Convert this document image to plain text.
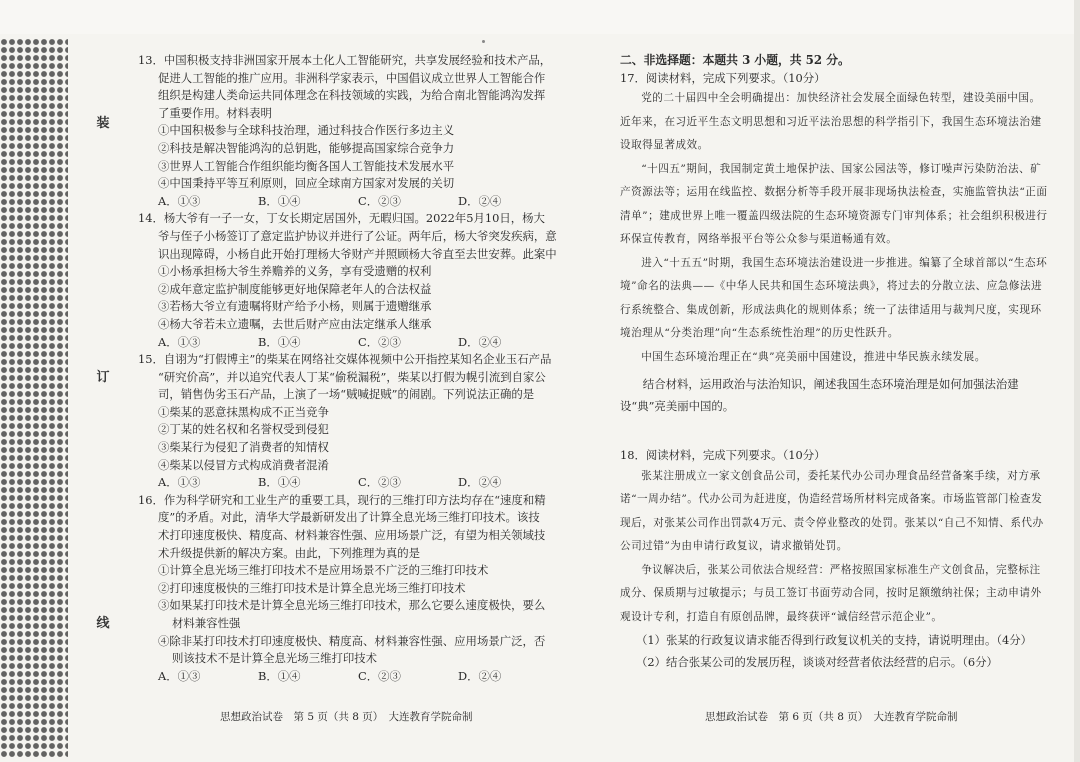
装
订
线
13．中国积极支持非洲国家开展本土化人工智能研究，共享发展经验和技术产品，
促进人工智能的推广应用。非洲科学家表示，中国倡议成立世界人工智能合作
组织是构建人类命运共同体理念在科技领域的实践，为给合南北智能鸿沟发挥
了重要作用。材料表明
①中国积极参与全球科技治理，通过科技合作医行多边主义
②科技是解决智能鸿沟的总钥匙，能够提高国家综合竞争力
③世界人工智能合作组织能均衡各国人工智能技术发展水平
④中国秉持平等互利原则，回应全球南方国家对发展的关切
A．①③	B．①④	C．②③	D．②④
14．杨大爷有一子一女，丁女长期定居国外，无暇归国。2022年5月10日，杨大
爷与侄子小杨签订了意定监护协议并进行了公证。两年后，杨大爷突发疾病，意
识出现障碍，小杨自此开始打理杨大爷财产并照顾杨大爷直至去世安葬。此案中
①小杨承担杨大爷生养赡养的义务，享有受遗赠的权利
②成年意定监护制度能够更好地保障老年人的合法权益
③若杨大爷立有遗嘱将财产给予小杨，则属于遗赠继承
④杨大爷若未立遗嘱，去世后财产应由法定继承人继承
A．①③	B．①④	C．②③	D．②④
15．自诩为“打假博主”的柴某在网络社交媒体视频中公开指控某知名企业玉石产品
“研究价高”，并以追究代表人丁某“偷税漏税”，柴某以打假为幌引流到自家公
司，销售伪劣玉石产品，上演了一场“贼喊捉贼”的闹剧。下列说法正确的是
①柴某的恶意抹黑构成不正当竞争
②丁某的姓名权和名誉权受到侵犯
③柴某行为侵犯了消费者的知情权
④柴某以侵冒方式构成消费者混淆
A．①③	B．①④	C．②③	D．②④
16．作为科学研究和工业生产的重要工具，现行的三维打印方法均存在“速度和精
度”的矛盾。对此，清华大学最新研发出了计算全息光场三维打印技术。该技
术打印速度极快、精度高、材料兼容性强、应用场景广泛，有望为相关领域技
术升级提供新的解决方案。由此，下列推理为真的是
①计算全息光场三维打印技术不是应用场景不广泛的三维打印技术
②打印速度极快的三维打印技术是计算全息光场三维打印技术
③如果某打印技术是计算全息光场三维打印技术，那么它要么速度极快，要么
材料兼容性强
④除非某打印技术打印速度极快、精度高、材料兼容性强、应用场景广泛，否
则该技术不是计算全息光场三维打印技术
A．①③	B．①④	C．②③	D．②④
二、非选择题：本题共 3 小题，共 52 分。
17．阅读材料，完成下列要求。（10分）

党的二十届四中全会明确提出：加快经济社会发展全面绿色转型，建设美丽中国。近年来，在习近平生态文明思想和习近平法治思想的科学指引下，我国生态环境法治建设取得显著成效。

“十四五”期间，我国制定黄土地保护法、国家公园法等，修订噪声污染防治法、矿产资源法等；运用在线监控、数据分析等手段开展非现场执法检查，实施监管执法“正面清单”；建成世界上唯一覆盖四级法院的生态环境资源专门审判体系；社会组织积极进行环保宣传教育，网络举报平台等公众参与渠道畅通有效。

进入“十五五”时期，我国生态环境法治建设进一步推进。编纂了全球首部以“生态环境”命名的法典——《中华人民共和国生态环境法典》，将过去的分散立法、应急修法进行系统整合、集成创新，形成法典化的规则体系；统一了法律适用与裁判尺度，实现环境治理从“分类治理”向“生态系统性治理”的历史性跃升。

中国生态环境治理正在“典”亮美丽中国建设，推进中华民族永续发展。

结合材料，运用政治与法治知识，阐述我国生态环境治理是如何加强法治建设“典”亮美丽中国的。
18．阅读材料，完成下列要求。（10分）

张某注册成立一家文创食品公司，委托某代办公司办理食品经营备案手续，对方承诺“一周办结”。代办公司为赶进度，伪造经营场所材料完成备案。市场监管部门检查发现后，对张某公司作出罚款4万元、责令停业整改的处罚。张某以“自己不知情、系代办公司过错”为由申请行政复议，请求撤销处罚。

争议解决后，张某公司依法合规经营：严格按照国家标准生产文创食品，完整标注成分、保质期与过敏提示；与员工签订书面劳动合同，按时足额缴纳社保；主动申请外观设计专利，打造自有原创品牌，最终获评“诚信经营示范企业”。

（1）张某的行政复议请求能否得到行政复议机关的支持，请说明理由。（4分）
（2）结合张某公司的发展历程，谈谈对经营者依法经营的启示。（6分）
思想政治试卷　第 5 页（共 8 页）　大连教育学院命制	思想政治试卷　第 6 页（共 8 页）　大连教育学院命制
